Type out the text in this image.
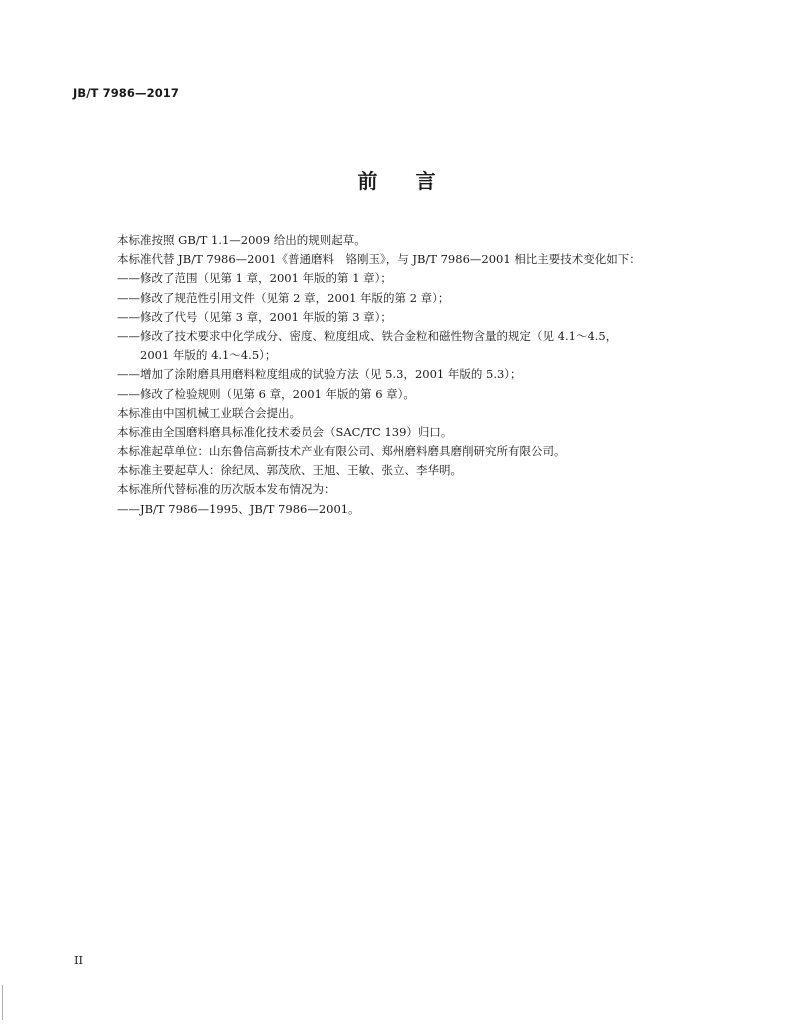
JB/T 7986—2017
前 言
本标准按照 GB/T 1.1—2009 给出的规则起草。
本标准代替 JB/T 7986—2001《普通磨料　铬刚玉》，与 JB/T 7986—2001 相比主要技术变化如下：
——修改了范围（见第 1 章，2001 年版的第 1 章）；
——修改了规范性引用文件（见第 2 章，2001 年版的第 2 章）；
——修改了代号（见第 3 章，2001 年版的第 3 章）；
——修改了技术要求中化学成分、密度、粒度组成、铁合金粒和磁性物含量的规定（见 4.1～4.5，
2001 年版的 4.1～4.5）；
——增加了涂附磨具用磨料粒度组成的试验方法（见 5.3，2001 年版的 5.3）；
——修改了检验规则（见第 6 章，2001 年版的第 6 章）。
本标准由中国机械工业联合会提出。
本标准由全国磨料磨具标准化技术委员会（SAC/TC 139）归口。
本标准起草单位：山东鲁信高新技术产业有限公司、郑州磨料磨具磨削研究所有限公司。
本标准主要起草人：徐纪凤、郭茂欣、王旭、王敏、张立、李华明。
本标准所代替标准的历次版本发布情况为：
——JB/T 7986—1995、JB/T 7986—2001。
II
